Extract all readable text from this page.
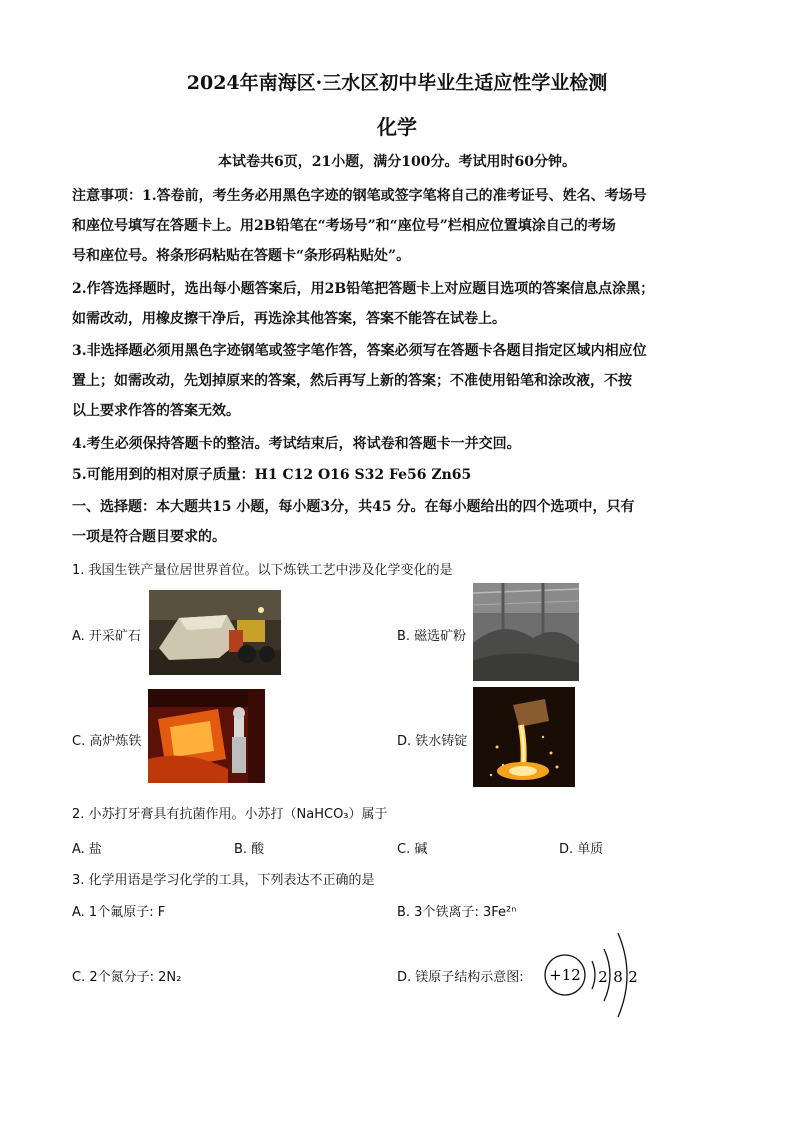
2024年南海区·三水区初中毕业生适应性学业检测
化学
本试卷共6页，21小题，满分100分。考试用时60分钟。
注意事项：1.答卷前，考生务必用黑色字迹的钢笔或签字笔将自己的准考证号、姓名、考场号
和座位号填写在答题卡上。用2B铅笔在“考场号”和“座位号”栏相应位置填涂自己的考场
号和座位号。将条形码粘贴在答题卡“条形码粘贴处”。
2.作答选择题时，选出每小题答案后，用2B铅笔把答题卡上对应题目选项的答案信息点涂黑；
如需改动，用橡皮擦干净后，再选涂其他答案，答案不能答在试卷上。
3.非选择题必须用黑色字迹钢笔或签字笔作答，答案必须写在答题卡各题目指定区域内相应位
置上；如需改动，先划掉原来的答案，然后再写上新的答案；不准使用铅笔和涂改液，不按
以上要求作答的答案无效。
4.考生必须保持答题卡的整洁。考试结束后，将试卷和答题卡一并交回。
5.可能用到的相对原子质量：H1 C12 O16 S32 Fe56 Zn65
一、选择题：本大题共15 小题，每小题3分，共45 分。在每小题给出的四个选项中，只有
一项是符合题目要求的。
1. 我国生铁产量位居世界首位。以下炼铁工艺中涉及化学变化的是
A. 开采矿石	B. 磁选矿粉
C. 高炉炼铁	D. 铁水铸锭
2. 小苏打牙膏具有抗菌作用。小苏打（NaHCO₃）属于
A. 盐	B. 酸	C. 碱	D. 单质
3. 化学用语是学习化学的工具，下列表达不正确的是
A. 1个氟原子: F	B. 3个铁离子: 3Fe²ⁿ
C. 2个氮分子: 2N₂	D. 镁原子结构示意图: +12 2 8 2
